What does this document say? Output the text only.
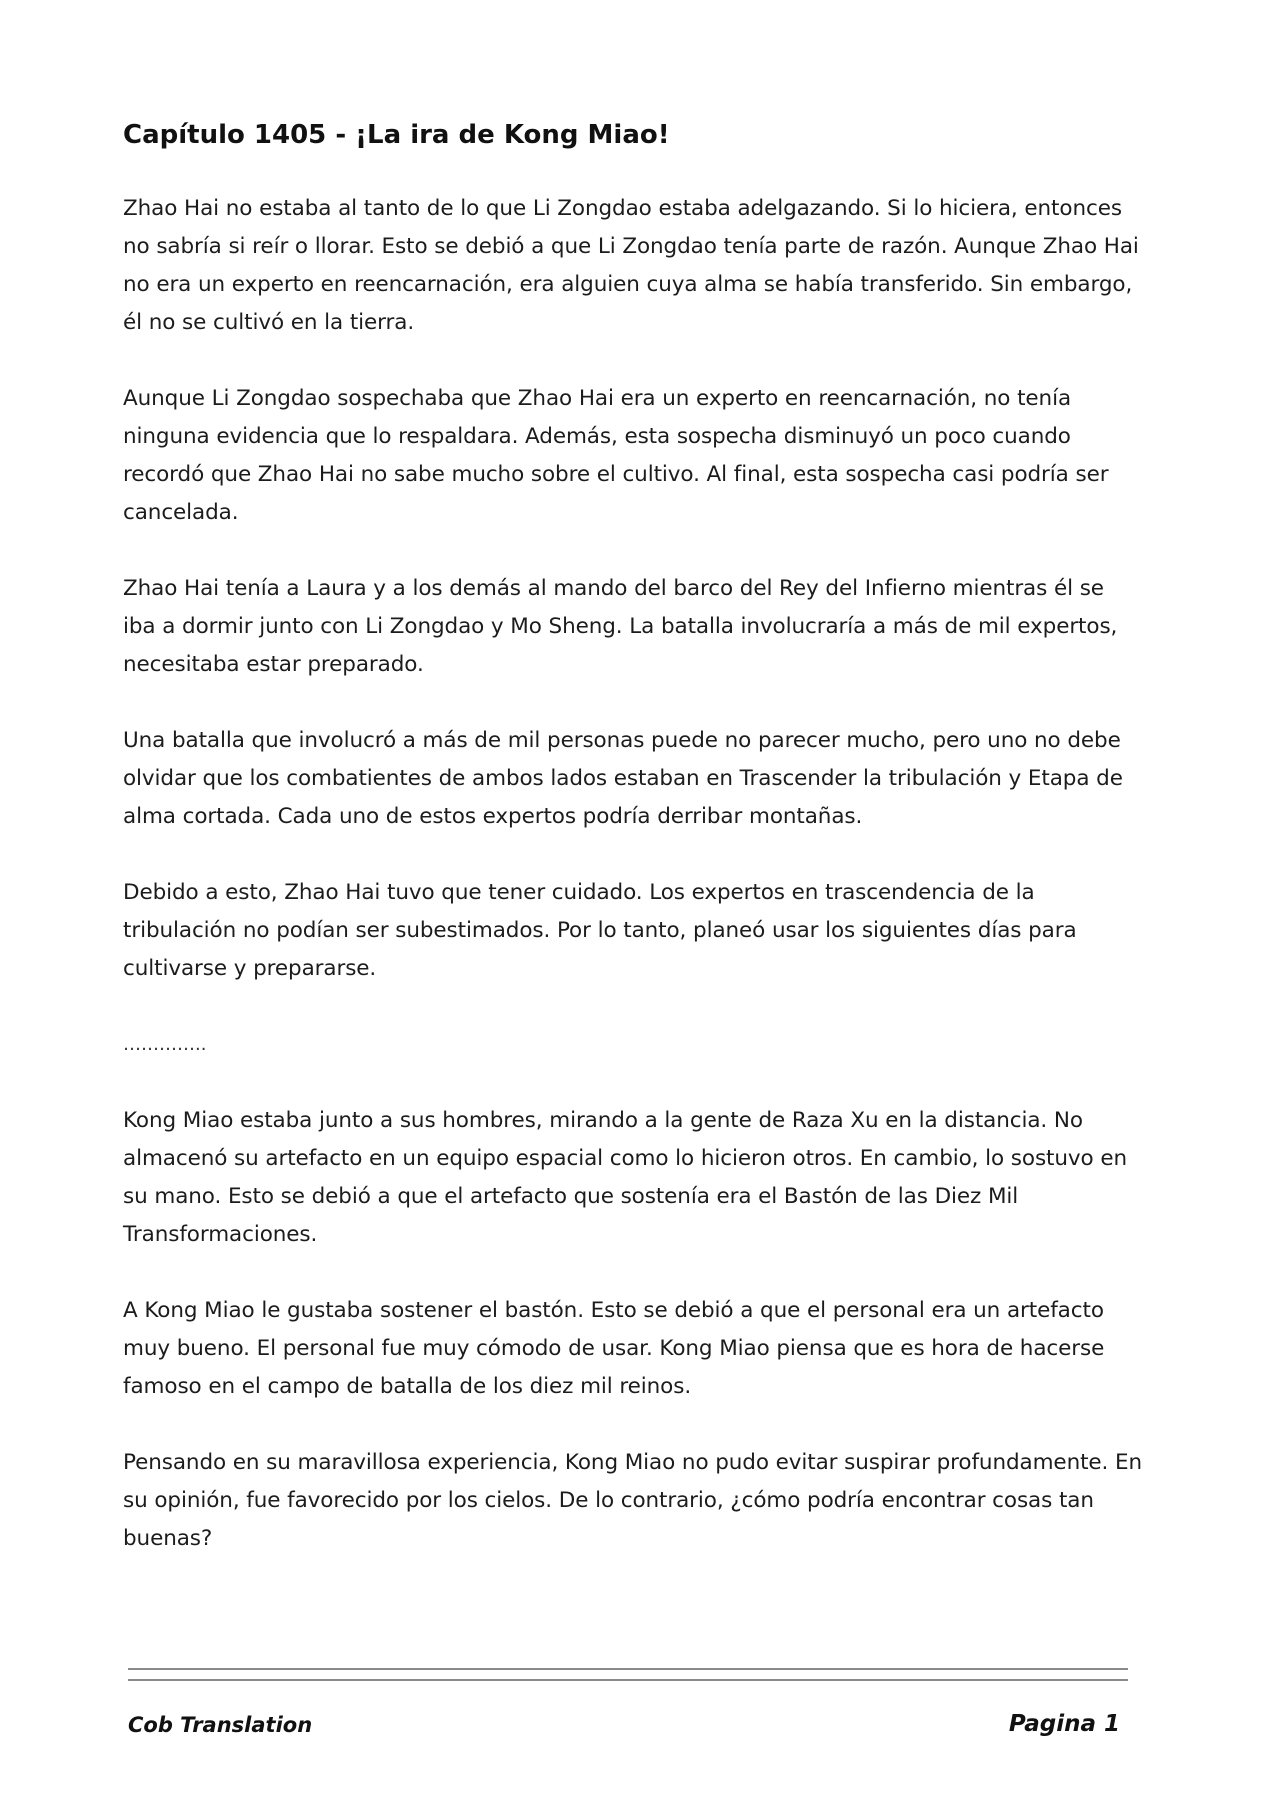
Capítulo 1405 - ¡La ira de Kong Miao!

Zhao Hai no estaba al tanto de lo que Li Zongdao estaba adelgazando. Si lo hiciera, entonces no sabría si reír o llorar. Esto se debió a que Li Zongdao tenía parte de razón. Aunque Zhao Hai no era un experto en reencarnación, era alguien cuya alma se había transferido. Sin embargo, él no se cultivó en la tierra.

Aunque Li Zongdao sospechaba que Zhao Hai era un experto en reencarnación, no tenía ninguna evidencia que lo respaldara. Además, esta sospecha disminuyó un poco cuando recordó que Zhao Hai no sabe mucho sobre el cultivo. Al final, esta sospecha casi podría ser cancelada.

Zhao Hai tenía a Laura y a los demás al mando del barco del Rey del Infierno mientras él se iba a dormir junto con Li Zongdao y Mo Sheng. La batalla involucraría a más de mil expertos, necesitaba estar preparado.

Una batalla que involucró a más de mil personas puede no parecer mucho, pero uno no debe olvidar que los combatientes de ambos lados estaban en Trascender la tribulación y Etapa de alma cortada. Cada uno de estos expertos podría derribar montañas.

Debido a esto, Zhao Hai tuvo que tener cuidado. Los expertos en trascendencia de la tribulación no podían ser subestimados. Por lo tanto, planeó usar los siguientes días para cultivarse y prepararse.

…………..

Kong Miao estaba junto a sus hombres, mirando a la gente de Raza Xu en la distancia. No almacenó su artefacto en un equipo espacial como lo hicieron otros. En cambio, lo sostuvo en su mano. Esto se debió a que el artefacto que sostenía era el Bastón de las Diez Mil Transformaciones.

A Kong Miao le gustaba sostener el bastón. Esto se debió a que el personal era un artefacto muy bueno. El personal fue muy cómodo de usar. Kong Miao piensa que es hora de hacerse famoso en el campo de batalla de los diez mil reinos.

Pensando en su maravillosa experiencia, Kong Miao no pudo evitar suspirar profundamente. En su opinión, fue favorecido por los cielos. De lo contrario, ¿cómo podría encontrar cosas tan buenas?

Cob Translation	Pagina 1
